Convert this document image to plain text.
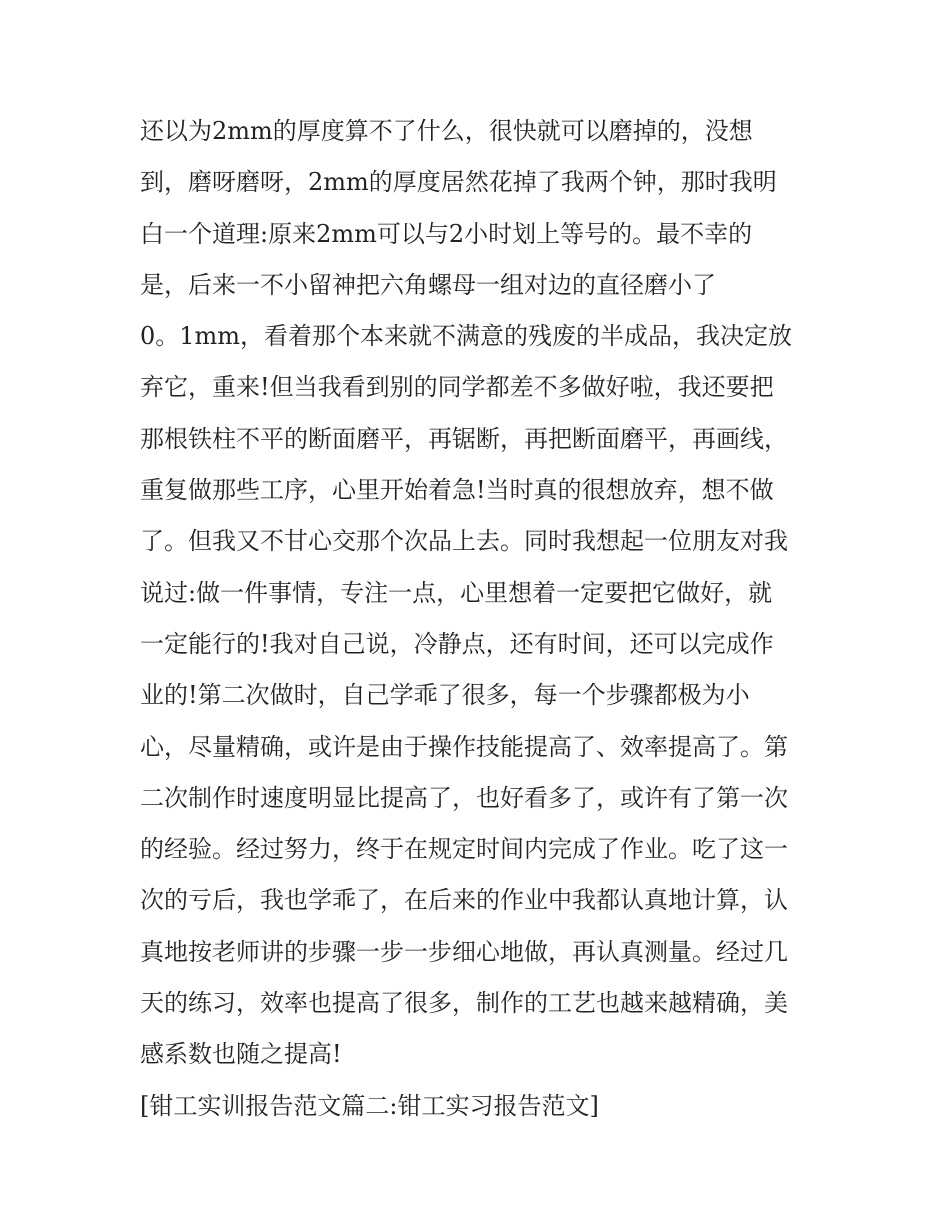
还以为2mm的厚度算不了什么，很快就可以磨掉的，没想
到，磨呀磨呀，2mm的厚度居然花掉了我两个钟，那时我明
白一个道理:原来2mm可以与2小时划上等号的。最不幸的
是，后来一不小留神把六角螺母一组对边的直径磨小了
0。1mm，看着那个本来就不满意的残废的半成品，我决定放
弃它，重来!但当我看到别的同学都差不多做好啦，我还要把
那根铁柱不平的断面磨平，再锯断，再把断面磨平，再画线，
重复做那些工序，心里开始着急!当时真的很想放弃，想不做
了。但我又不甘心交那个次品上去。同时我想起一位朋友对我
说过:做一件事情，专注一点，心里想着一定要把它做好，就
一定能行的!我对自己说，冷静点，还有时间，还可以完成作
业的!第二次做时，自己学乖了很多，每一个步骤都极为小
心，尽量精确，或许是由于操作技能提高了、效率提高了。第
二次制作时速度明显比提高了，也好看多了，或许有了第一次
的经验。经过努力，终于在规定时间内完成了作业。吃了这一
次的亏后，我也学乖了，在后来的作业中我都认真地计算，认
真地按老师讲的步骤一步一步细心地做，再认真测量。经过几
天的练习，效率也提高了很多，制作的工艺也越来越精确，美
感系数也随之提高!
[钳工实训报告范文篇二:钳工实习报告范文]
